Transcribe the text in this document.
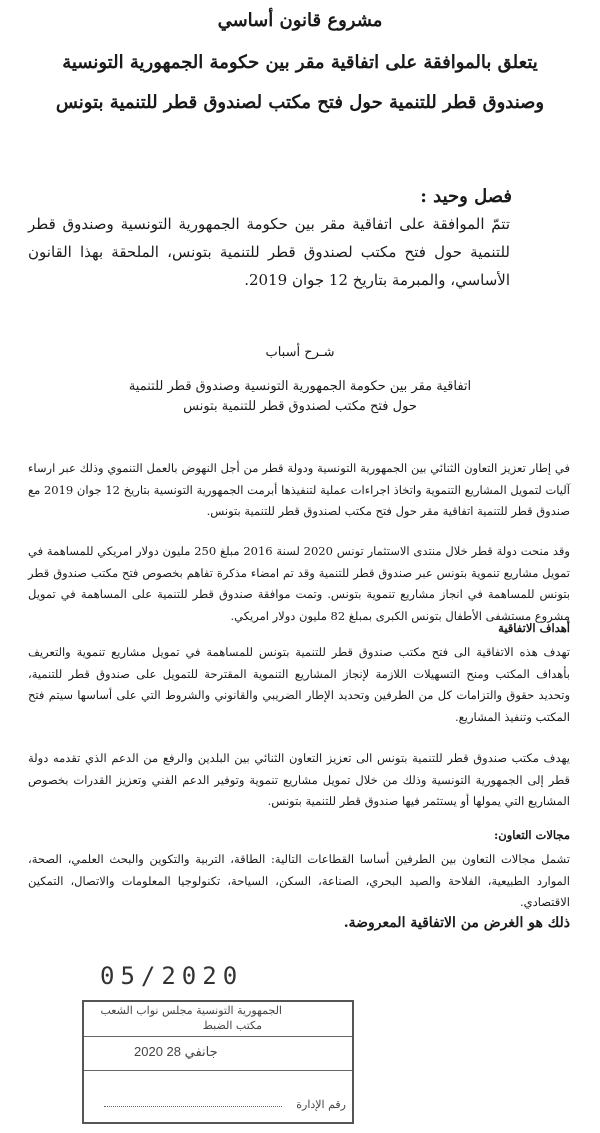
مشروع قانون أساسي
يتعلق بالموافقة على اتفاقية مقر بين حكومة الجمهورية التونسية
وصندوق قطر للتنمية حول فتح مكتب لصندوق قطر للتنمية بتونس
فصل وحيد :
تتمّ الموافقة على اتفاقية مقر بين حكومة الجمهورية التونسية وصندوق قطر للتنمية حول فتح مكتب لصندوق قطر للتنمية بتونس، الملحقة بهذا القانون الأساسي، والمبرمة بتاريخ 12 جوان 2019.
شـرح أسباب
اتفاقية مقر بين حكومة الجمهورية التونسية وصندوق قطر للتنمية
حول فتح مكتب لصندوق قطر للتنمية بتونس
في إطار تعزيز التعاون الثنائي بين الجمهورية التونسية ودولة قطر من أجل النهوض بالعمل التنموي وذلك عبر ارساء آليات لتمويل المشاريع التنموية واتخاذ اجراءات عملية لتنفيذها أبرمت الجمهورية التونسية بتاريخ 12 جوان 2019 مع صندوق قطر للتنمية اتفاقية مقر حول فتح مكتب لصندوق قطر للتنمية بتونس.
وقد منحت دولة قطر خلال منتدى الاستثمار تونس 2020 لسنة 2016 مبلغ 250 مليون دولار امريكي للمساهمة في تمويل مشاريع تنموية بتونس عبر صندوق قطر للتنمية وقد تم امضاء مذكرة تفاهم بخصوص فتح مكتب صندوق قطر بتونس للمساهمة في انجاز مشاريع تنموية بتونس. وتمت موافقة صندوق قطر للتنمية على المساهمة في تمويل مشروع مستشفى الأطفال بتونس الكبرى بمبلغ 82 مليون دولار امريكي.
أهداف الاتفاقية
تهدف هذه الاتفاقية الى فتح مكتب صندوق قطر للتنمية بتونس للمساهمة في تمويل مشاريع تنموية والتعريف بأهداف المكتب ومنح التسهيلات اللازمة لإنجاز المشاريع التنموية المقترحة للتمويل على صندوق قطر للتنمية، وتحديد حقوق والتزامات كل من الطرفين وتحديد الإطار الضريبي والقانوني والشروط التي على أساسها سيتم فتح المكتب وتنفيذ المشاريع.
يهدف مكتب صندوق قطر للتنمية بتونس الى تعزيز التعاون الثنائي بين البلدين والرفع من الدعم الذي تقدمه دولة قطر إلى الجمهورية التونسية وذلك من خلال تمويل مشاريع تنموية وتوفير الدعم الفني وتعزيز القدرات بخصوص المشاريع التي يمولها أو يستثمر فيها صندوق قطر للتنمية بتونس.
مجالات التعاون:
تشمل مجالات التعاون بين الطرفين أساسا القطاعات التالية: الطاقة، التربية والتكوين والبحث العلمي، الصحة، الموارد الطبيعية، الفلاحة والصيد البحري، الصناعة، السكن، السياحة، تكنولوجيا المعلومات والاتصال، التمكين الاقتصادي.
ذلك هو الغرض من الاتفاقية المعروضة.
05/2020
الجمهورية التونسية مجلس نواب الشعب
مكتب الضبط
2020 جانفي 28
رقم الإدارة
